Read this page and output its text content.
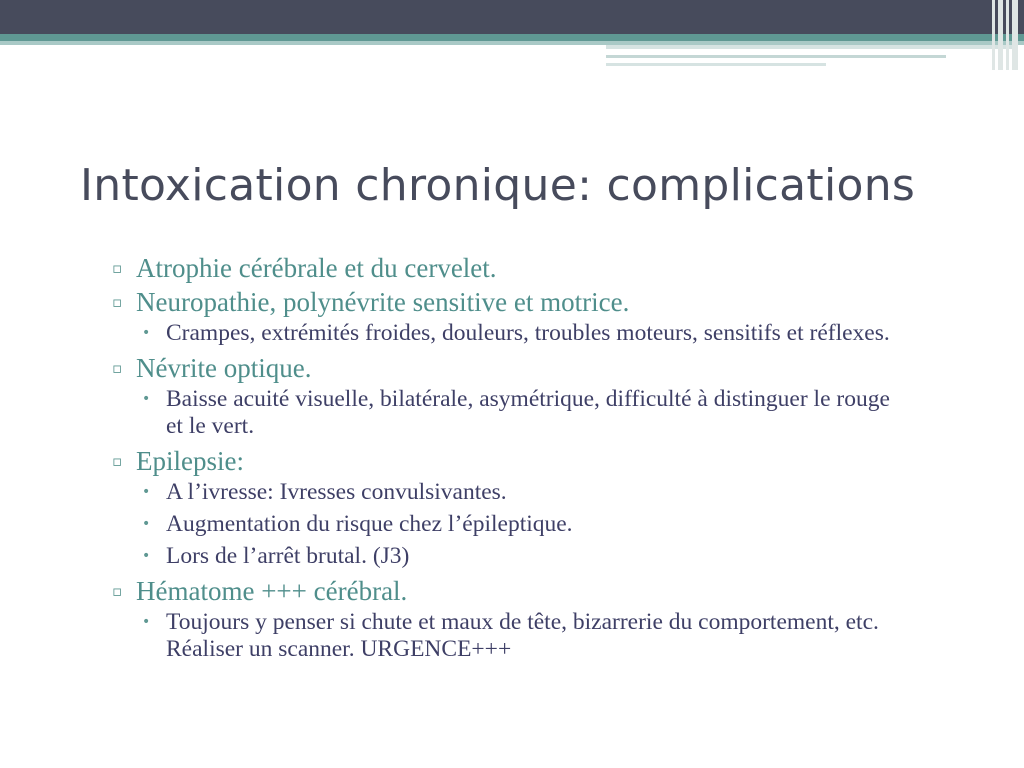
Intoxication chronique: complications
▫ Atrophie cérébrale et du cervelet.
▫ Neuropathie, polynévrite sensitive et motrice.
• Crampes, extrémités froides, douleurs, troubles moteurs, sensitifs et réflexes.
▫ Névrite optique.
• Baisse acuité visuelle, bilatérale, asymétrique, difficulté à distinguer le rouge et le vert.
▫ Epilepsie:
• A l’ivresse: Ivresses convulsivantes.
• Augmentation du risque chez l’épileptique.
• Lors de l’arrêt brutal. (J3)
▫ Hématome +++ cérébral.
• Toujours y penser si chute et maux de tête, bizarrerie du comportement, etc. Réaliser un scanner. URGENCE+++
